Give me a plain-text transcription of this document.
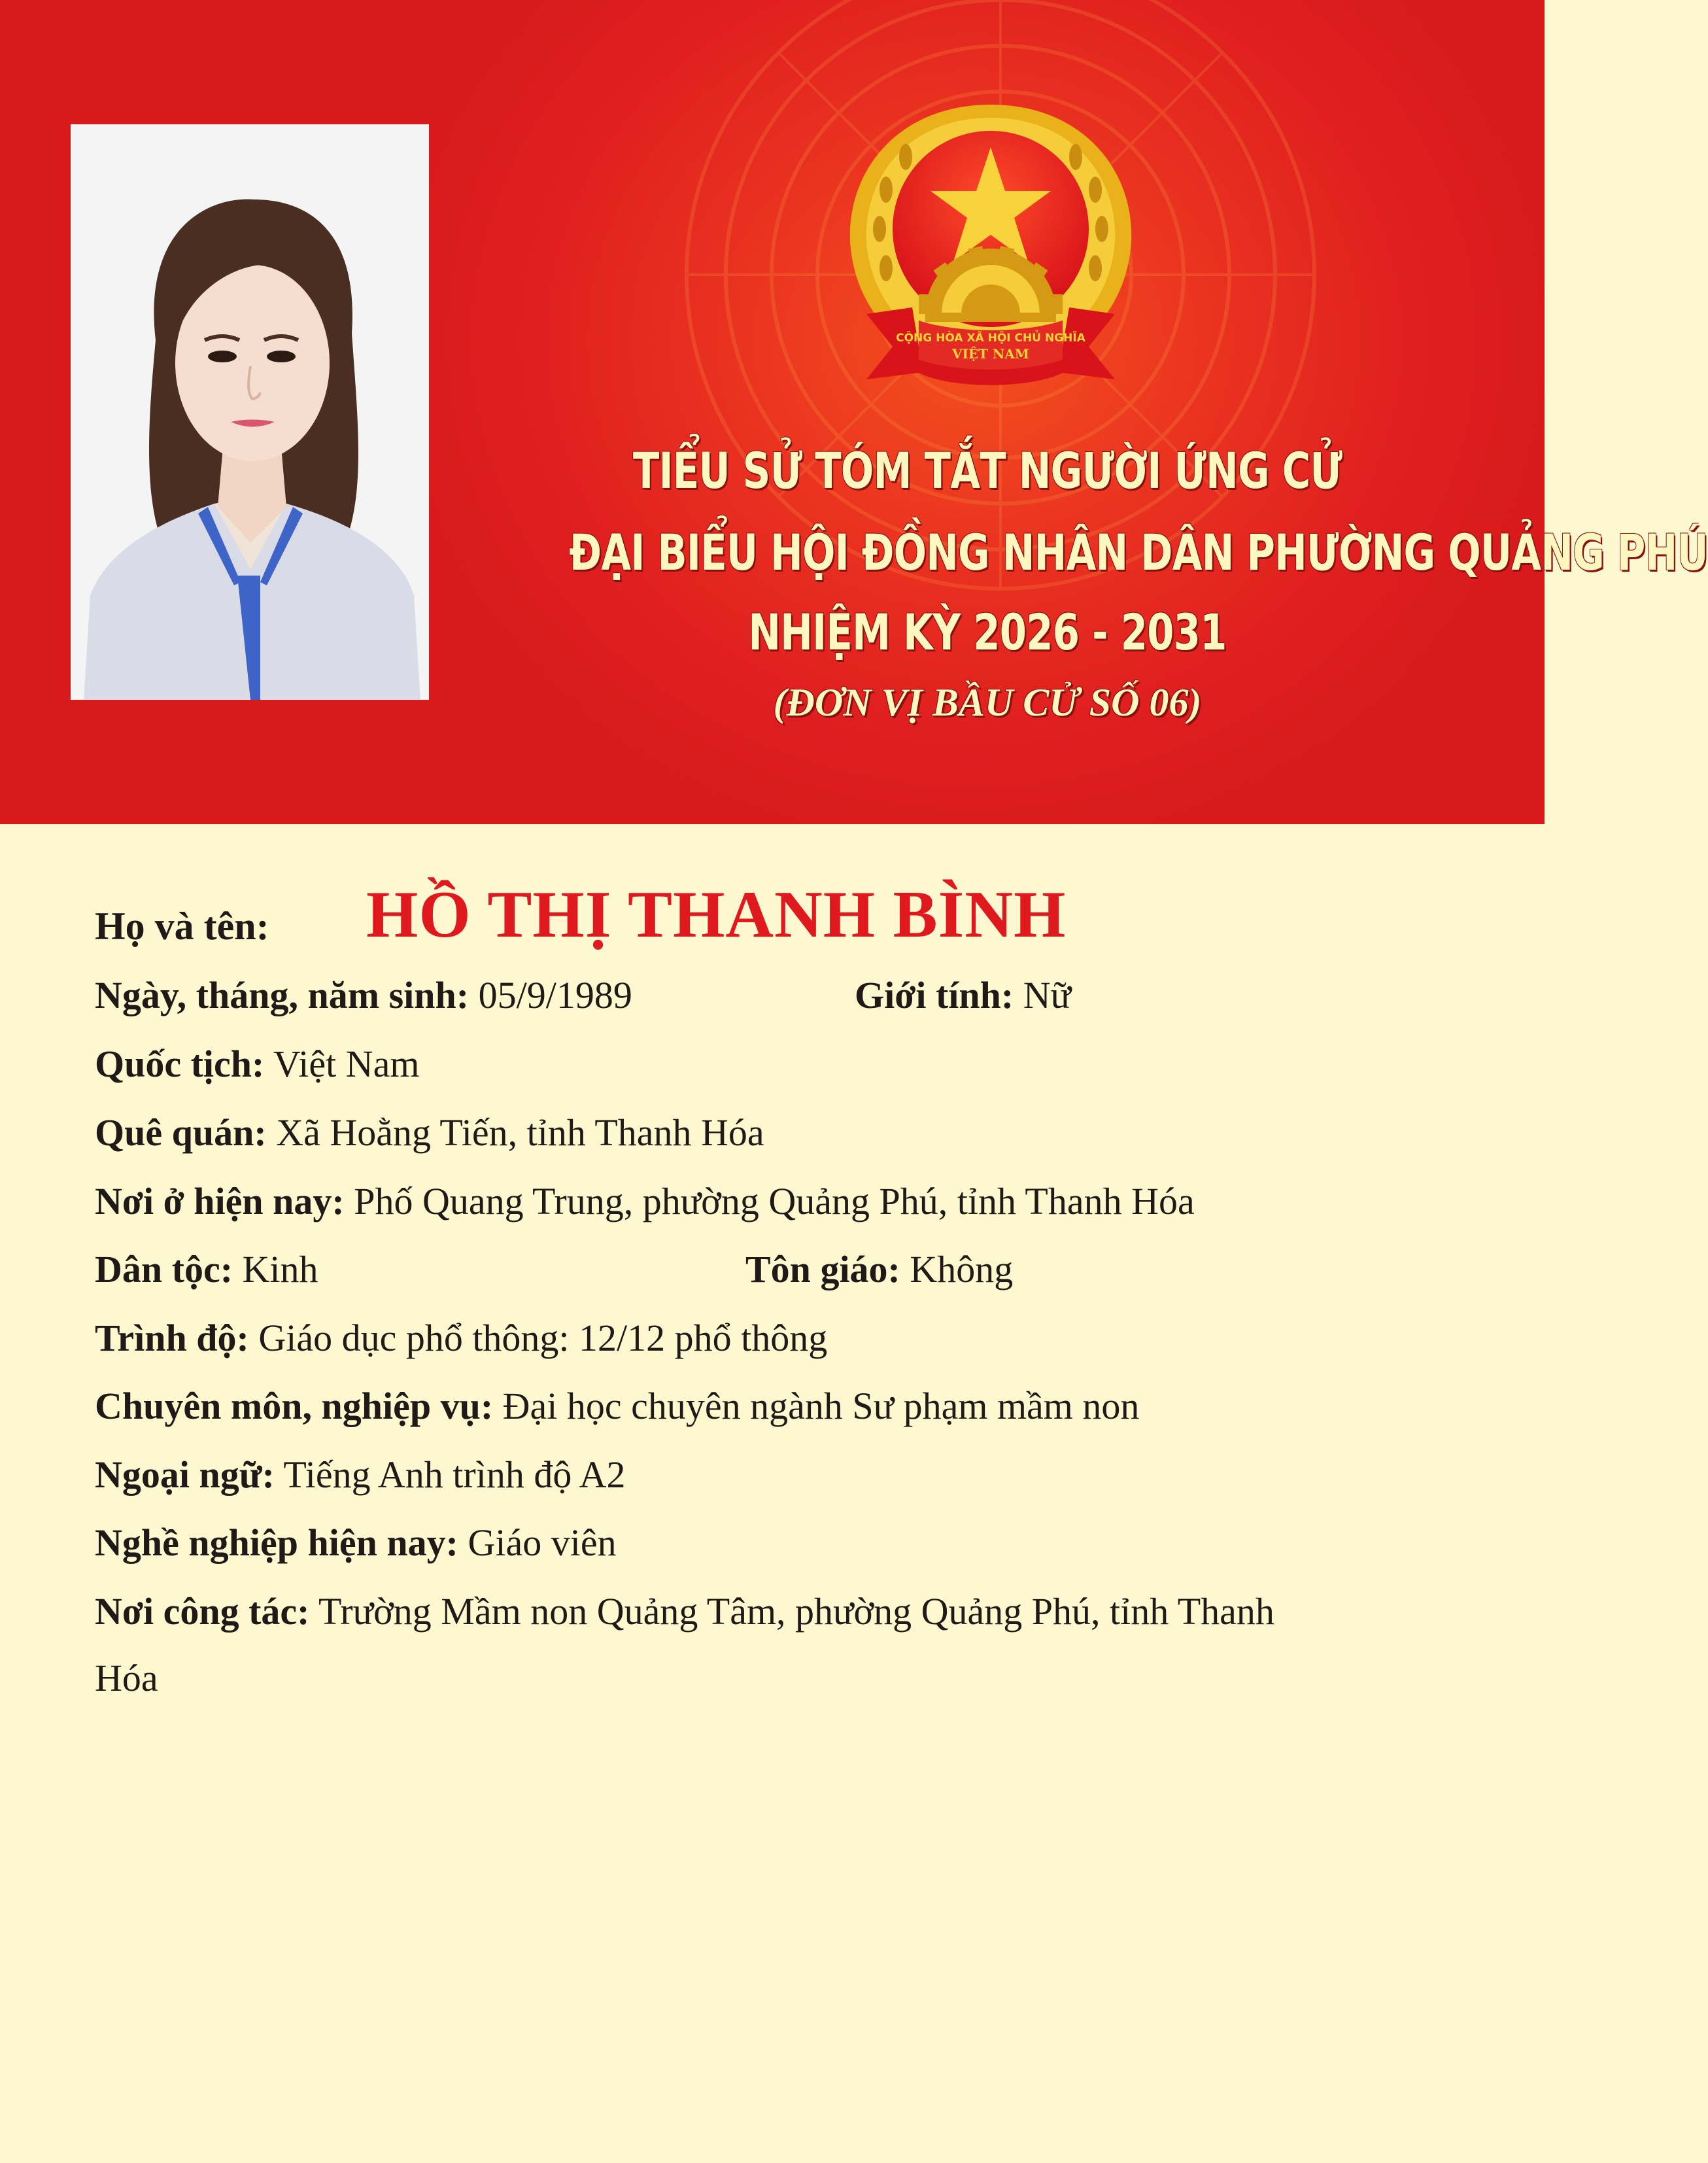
CỘNG HÒA XÃ HỘI CHỦ NGHĨA
VIỆT NAM
TIỂU SỬ TÓM TẮT NGƯỜI ỨNG CỬ
ĐẠI BIỂU HỘI ĐỒNG NHÂN DÂN PHƯỜNG QUẢNG PHÚ
NHIỆM KỲ 2026 - 2031
(ĐƠN VỊ BẦU CỬ SỐ 06)
Họ và tên: HỒ THỊ THANH BÌNH
Ngày, tháng, năm sinh: 05/9/1989	Giới tính: Nữ
Quốc tịch: Việt Nam
Quê quán: Xã Hoằng Tiến, tỉnh Thanh Hóa
Nơi ở hiện nay: Phố Quang Trung, phường Quảng Phú, tỉnh Thanh Hóa
Dân tộc: Kinh	Tôn giáo: Không
Trình độ: Giáo dục phổ thông: 12/12 phổ thông
Chuyên môn, nghiệp vụ: Đại học chuyên ngành Sư phạm mầm non
Ngoại ngữ: Tiếng Anh trình độ A2
Nghề nghiệp hiện nay: Giáo viên
Nơi công tác: Trường Mầm non Quảng Tâm, phường Quảng Phú, tỉnh Thanh
Hóa
